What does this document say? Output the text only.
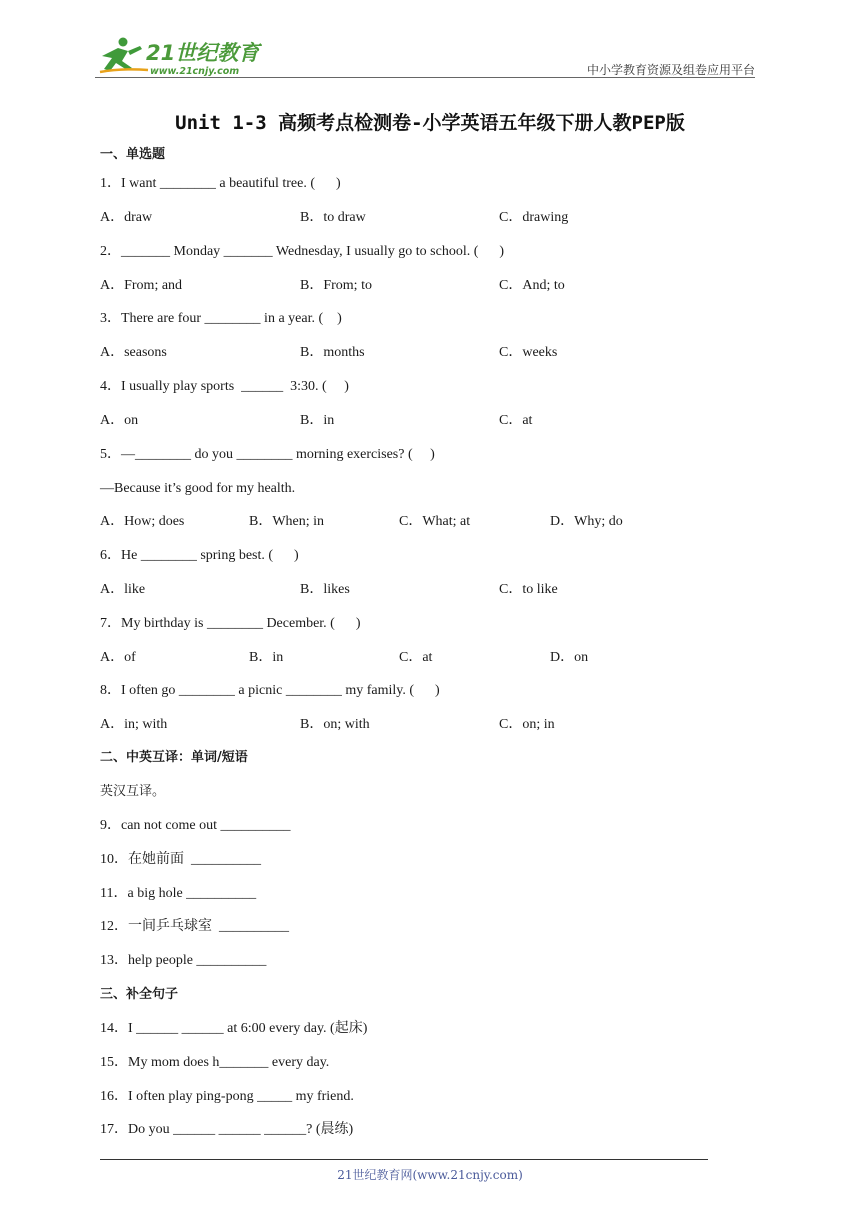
21世纪教育
www.21cnjy.com	中小学教育资源及组卷应用平台
Unit 1-3 高频考点检测卷-小学英语五年级下册人教PEP版
一、单选题
1．I want ________ a beautiful tree. (      )
A．draw	B．to draw	C．drawing
2．_______ Monday _______ Wednesday, I usually go to school. (      )
A．From; and	B．From; to	C．And; to
3．There are four ________ in a year. (    )
A．seasons	B．months	C．weeks
4．I usually play sports  ______  3:30. (     )
A．on	B．in	C．at
5．—________ do you ________ morning exercises? (     )
—Because it’s good for my health.
A．How; does	B．When; in	C．What; at	D．Why; do
6．He ________ spring best. (      )
A．like	B．likes	C．to like
7．My birthday is ________ December. (      )
A．of	B．in	C．at	D．on
8．I often go ________ a picnic ________ my family. (      )
A．in; with	B．on; with	C．on; in
二、中英互译：单词/短语
英汉互译。
9．can not come out __________
10．在她前面  __________
11．a big hole __________
12．一间乒乓球室  __________
13．help people __________
三、补全句子
14．I ______ ______ at 6:00 every day. (起床)
15．My mom does h_______ every day.
16．I often play ping-pong _____ my friend.
17．Do you ______ ______ ______? (晨练)
21世纪教育网(www.21cnjy.com)
